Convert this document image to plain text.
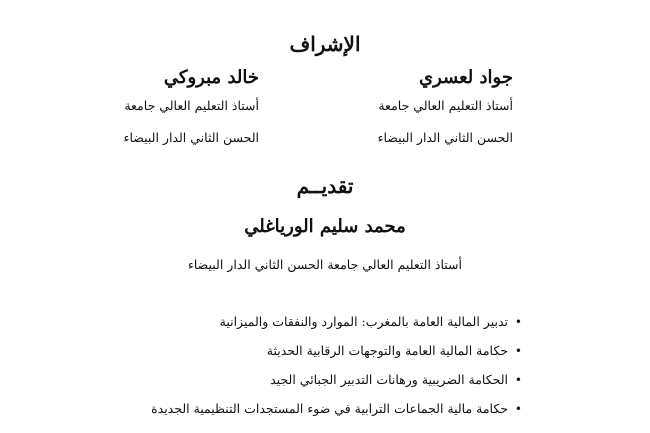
الإشراف
جواد لعسري
أستاذ التعليم العالي جامعة
الحسن الثاني الدار البيضاء
خالد مبروكي
أستاذ التعليم العالي جامعة
الحسن الثاني الدار البيضاء
تقديــم
محمد سليم الورياغلي
أستاذ التعليم العالي جامعة الحسن الثاني الدار البيضاء
•
تدبير المالية العامة بالمغرب: الموارد والنفقات والميزانية
•
حكامة المالية العامة والتوجهات الرقابية الحديثة
•
الحكامة الضريبية ورهانات التدبير الجبائي الجيد
•
حكامة مالية الجماعات الترابية في ضوء المستجدات التنظيمية الجديدة
